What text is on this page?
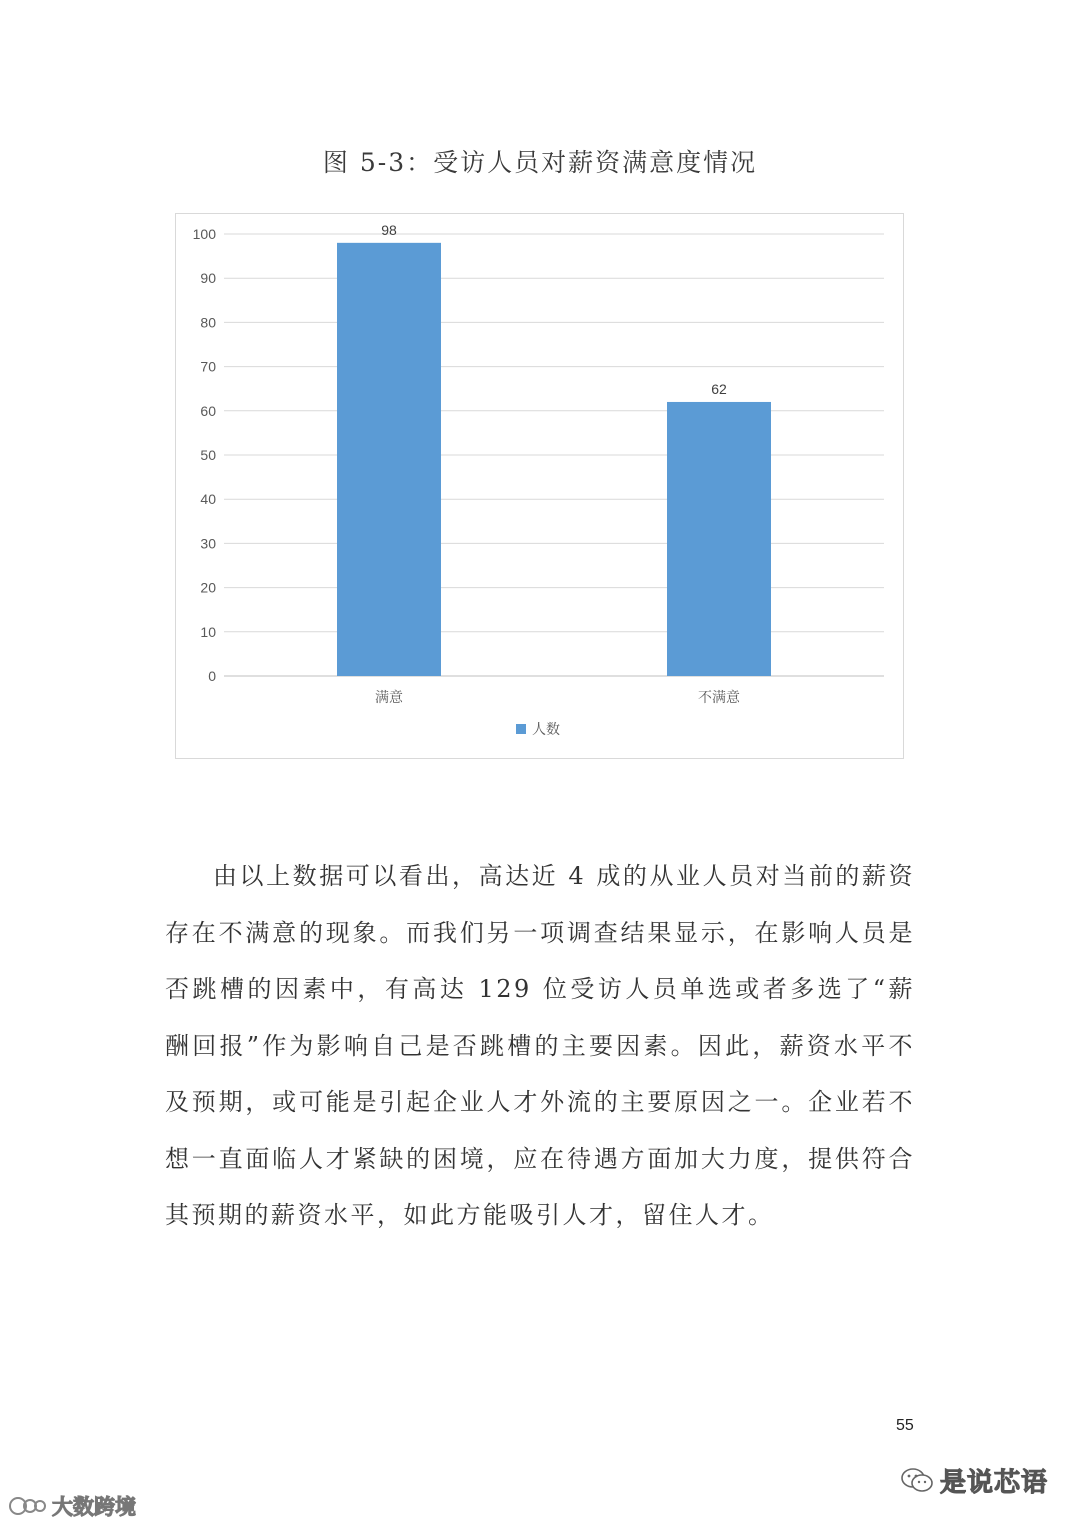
图 5-3：受访人员对薪资满意度情况
0
10
20
30
40
50
60
70
80
90
100	98
满意
62
不满意
人数

由以上数据可以看出，高达近 4 成的从业人员对当前的薪资存在不满意的现象。而我们另一项调查结果显示，在影响人员是否跳槽的因素中，有高达 129 位受访人员单选或者多选了“薪酬回报”作为影响自己是否跳槽的主要因素。因此，薪资水平不及预期，或可能是引起企业人才外流的主要原因之一。企业若不想一直面临人才紧缺的困境，应在待遇方面加大力度，提供符合其预期的薪资水平，如此方能吸引人才，留住人才。

55
是说芯语
大数跨境
